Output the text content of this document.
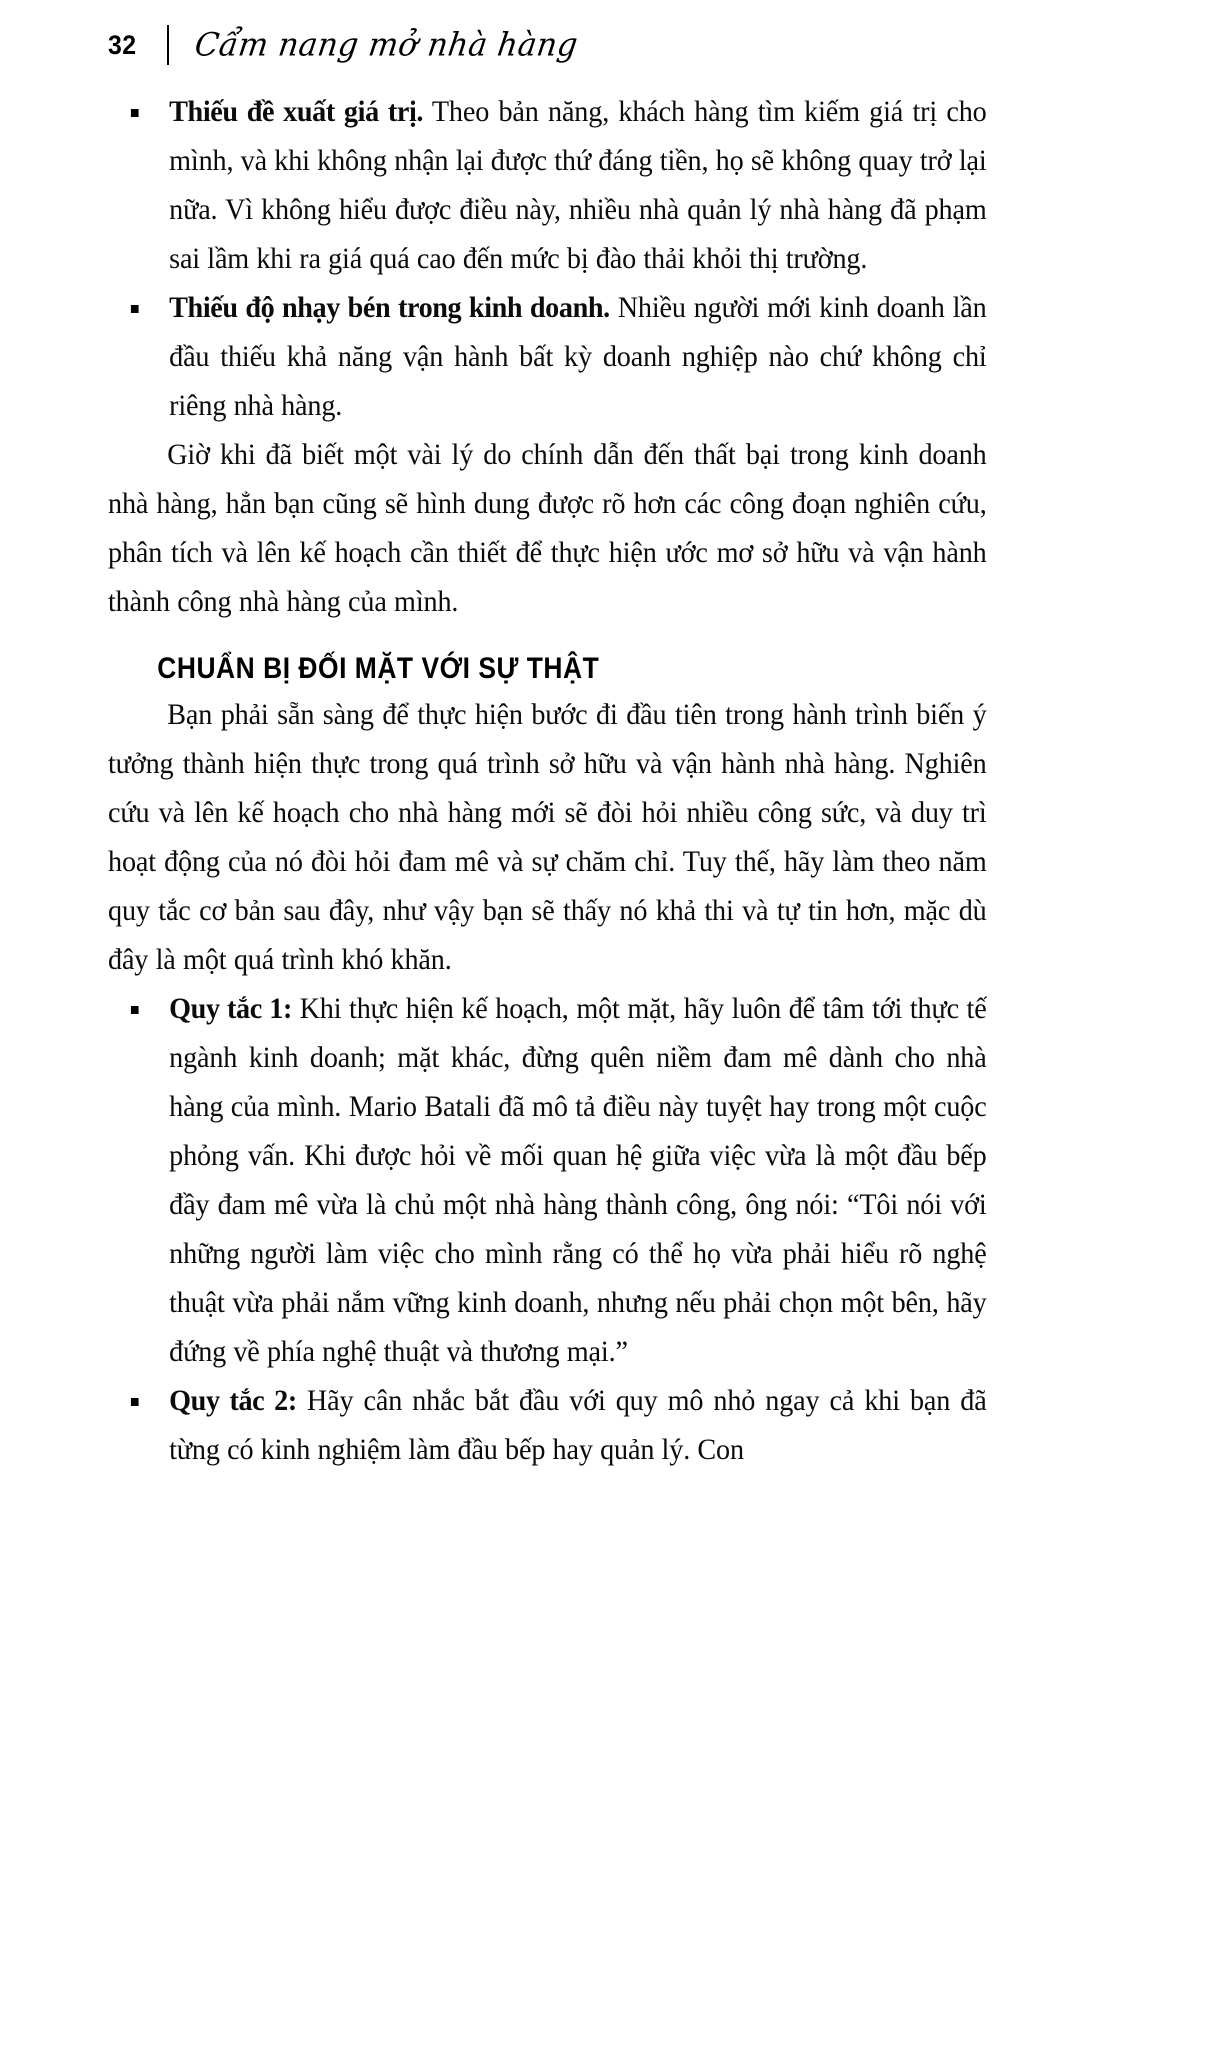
32 Cẩm nang mở nhà hàng
Thiếu đề xuất giá trị. Theo bản năng, khách hàng tìm kiếm giá trị cho mình, và khi không nhận lại được thứ đáng tiền, họ sẽ không quay trở lại nữa. Vì không hiểu được điều này, nhiều nhà quản lý nhà hàng đã phạm sai lầm khi ra giá quá cao đến mức bị đào thải khỏi thị trường.
Thiếu độ nhạy bén trong kinh doanh. Nhiều người mới kinh doanh lần đầu thiếu khả năng vận hành bất kỳ doanh nghiệp nào chứ không chỉ riêng nhà hàng.

Giờ khi đã biết một vài lý do chính dẫn đến thất bại trong kinh doanh nhà hàng, hẳn bạn cũng sẽ hình dung được rõ hơn các công đoạn nghiên cứu, phân tích và lên kế hoạch cần thiết để thực hiện ước mơ sở hữu và vận hành thành công nhà hàng của mình.

CHUẨN BỊ ĐỐI MẶT VỚI SỰ THẬT

Bạn phải sẵn sàng để thực hiện bước đi đầu tiên trong hành trình biến ý tưởng thành hiện thực trong quá trình sở hữu và vận hành nhà hàng. Nghiên cứu và lên kế hoạch cho nhà hàng mới sẽ đòi hỏi nhiều công sức, và duy trì hoạt động của nó đòi hỏi đam mê và sự chăm chỉ. Tuy thế, hãy làm theo năm quy tắc cơ bản sau đây, như vậy bạn sẽ thấy nó khả thi và tự tin hơn, mặc dù đây là một quá trình khó khăn.

Quy tắc 1: Khi thực hiện kế hoạch, một mặt, hãy luôn để tâm tới thực tế ngành kinh doanh; mặt khác, đừng quên niềm đam mê dành cho nhà hàng của mình. Mario Batali đã mô tả điều này tuyệt hay trong một cuộc phỏng vấn. Khi được hỏi về mối quan hệ giữa việc vừa là một đầu bếp đầy đam mê vừa là chủ một nhà hàng thành công, ông nói: “Tôi nói với những người làm việc cho mình rằng có thể họ vừa phải hiểu rõ nghệ thuật vừa phải nắm vững kinh doanh, nhưng nếu phải chọn một bên, hãy đứng về phía nghệ thuật và thương mại.”
Quy tắc 2: Hãy cân nhắc bắt đầu với quy mô nhỏ ngay cả khi bạn đã từng có kinh nghiệm làm đầu bếp hay quản lý. Con
